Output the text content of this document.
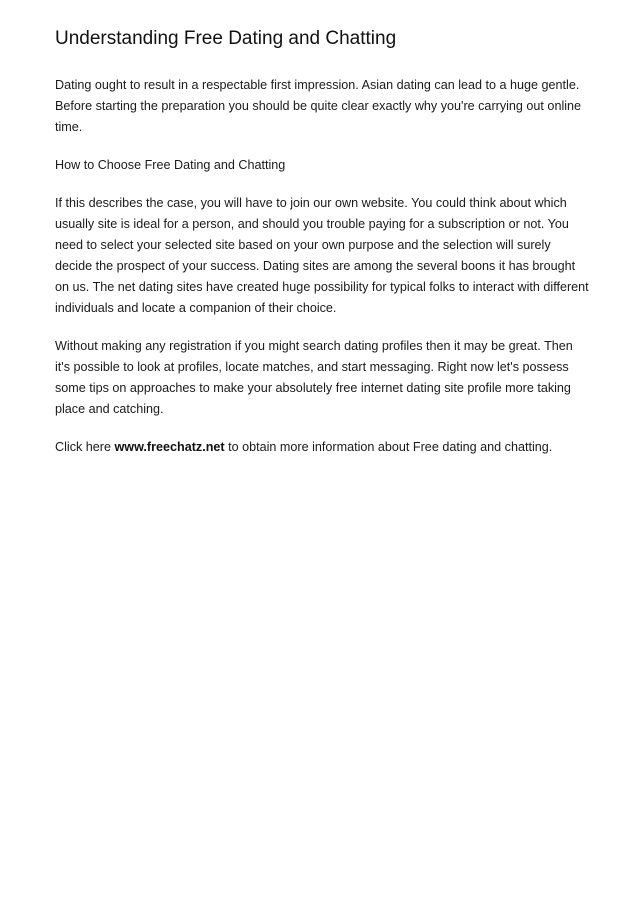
Understanding Free Dating and Chatting

Dating ought to result in a respectable first impression. Asian dating can lead to a huge gentle. Before starting the preparation you should be quite clear exactly why you're carrying out online time.

How to Choose Free Dating and Chatting

If this describes the case, you will have to join our own website. You could think about which usually site is ideal for a person, and should you trouble paying for a subscription or not. You need to select your selected site based on your own purpose and the selection will surely decide the prospect of your success. Dating sites are among the several boons it has brought on us. The net dating sites have created huge possibility for typical folks to interact with different individuals and locate a companion of their choice.

Without making any registration if you might search dating profiles then it may be great. Then it's possible to look at profiles, locate matches, and start messaging. Right now let's possess some tips on approaches to make your absolutely free internet dating site profile more taking place and catching.

Click here www.freechatz.net to obtain more information about Free dating and chatting.
